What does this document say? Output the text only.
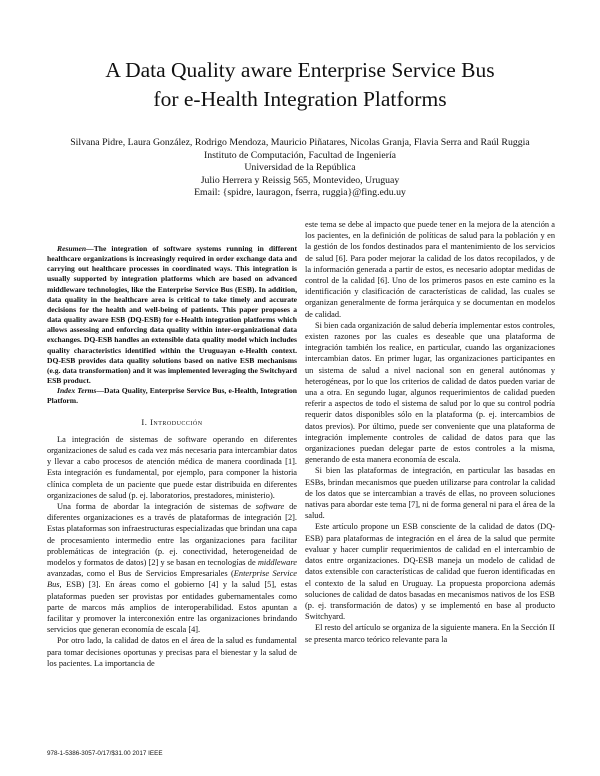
A Data Quality aware Enterprise Service Bus
for e-Health Integration Platforms
Silvana Pidre, Laura González, Rodrigo Mendoza, Mauricio Piñatares, Nicolas Granja, Flavia Serra and Raúl Ruggia
Instituto de Computación, Facultad de Ingeniería
Universidad de la República
Julio Herrera y Reissig 565, Montevideo, Uruguay
Email: {spidre, lauragon, fserra, ruggia}@fing.edu.uy

Resumen—The integration of software systems running in different healthcare organizations is increasingly required in order exchange data and carrying out healthcare processes in coordinated ways. This integration is usually supported by integration platforms which are based on advanced middleware technologies, like the Enterprise Service Bus (ESB). In addition, data quality in the healthcare area is critical to take timely and accurate decisions for the health and well-being of patients. This paper proposes a data quality aware ESB (DQ-ESB) for e-Health integration platforms which allows assessing and enforcing data quality within inter-organizational data exchanges. DQ-ESB handles an extensible data quality model which includes quality characteristics identified within the Uruguayan e-Health context. DQ-ESB provides data quality solutions based on native ESB mechanisms (e.g. data transformation) and it was implemented leveraging the Switchyard ESB product.

Index Terms—Data Quality, Enterprise Service Bus, e-Health, Integration Platform.

I. Introducción

La integración de sistemas de software operando en diferentes organizaciones de salud es cada vez más necesaria para intercambiar datos y llevar a cabo procesos de atención médica de manera coordinada [1]. Esta integración es fundamental, por ejemplo, para componer la historia clínica completa de un paciente que puede estar distribuida en diferentes organizaciones de salud (p. ej. laboratorios, prestadores, ministerio).

Una forma de abordar la integración de sistemas de software de diferentes organizaciones es a través de plataformas de integración [2]. Estas plataformas son infraestructuras especializadas que brindan una capa de procesamiento intermedio entre las organizaciones para facilitar problemáticas de integración (p. ej. conectividad, heterogeneidad de modelos y formatos de datos) [2] y se basan en tecnologías de middleware avanzadas, como el Bus de Servicios Empresariales (Enterprise Service Bus, ESB) [3]. En áreas como el gobierno [4] y la salud [5], estas plataformas pueden ser provistas por entidades gubernamentales como parte de marcos más amplios de interoperabilidad. Estos apuntan a facilitar y promover la interconexión entre las organizaciones brindando servicios que generan economía de escala [4].

Por otro lado, la calidad de datos en el área de la salud es fundamental para tomar decisiones oportunas y precisas para el bienestar y la salud de los pacientes. La importancia de

este tema se debe al impacto que puede tener en la mejora de la atención a los pacientes, en la definición de políticas de salud para la población y en la gestión de los fondos destinados para el mantenimiento de los servicios de salud [6]. Para poder mejorar la calidad de los datos recopilados, y de la información generada a partir de estos, es necesario adoptar medidas de control de la calidad [6]. Uno de los primeros pasos en este camino es la identificación y clasificación de características de calidad, las cuales se organizan generalmente de forma jerárquica y se documentan en modelos de calidad.

Si bien cada organización de salud debería implementar estos controles, existen razones por las cuales es deseable que una plataforma de integración también los realice, en particular, cuando las organizaciones intercambian datos. En primer lugar, las organizaciones participantes en un sistema de salud a nivel nacional son en general autónomas y heterogéneas, por lo que los criterios de calidad de datos pueden variar de una a otra. En segundo lugar, algunos requerimientos de calidad pueden referir a aspectos de todo el sistema de salud por lo que su control podría requerir datos disponibles sólo en la plataforma (p. ej. intercambios de datos previos). Por último, puede ser conveniente que una plataforma de integración implemente controles de calidad de datos para que las organizaciones puedan delegar parte de estos controles a la misma, generando de esta manera economía de escala.

Si bien las plataformas de integración, en particular las basadas en ESBs, brindan mecanismos que pueden utilizarse para controlar la calidad de los datos que se intercambian a través de ellas, no proveen soluciones nativas para abordar este tema [7], ni de forma general ni para el área de la salud.

Este artículo propone un ESB consciente de la calidad de datos (DQ-ESB) para plataformas de integración en el área de la salud que permite evaluar y hacer cumplir requerimientos de calidad en el intercambio de datos entre organizaciones. DQ-ESB maneja un modelo de calidad de datos extensible con características de calidad que fueron identificadas en el contexto de la salud en Uruguay. La propuesta proporciona además soluciones de calidad de datos basadas en mecanismos nativos de los ESB (p. ej. transformación de datos) y se implementó en base al producto Switchyard.

El resto del artículo se organiza de la siguiente manera. En la Sección II se presenta marco teórico relevante para la

978-1-5386-3057-0/17/$31.00 2017 IEEE
